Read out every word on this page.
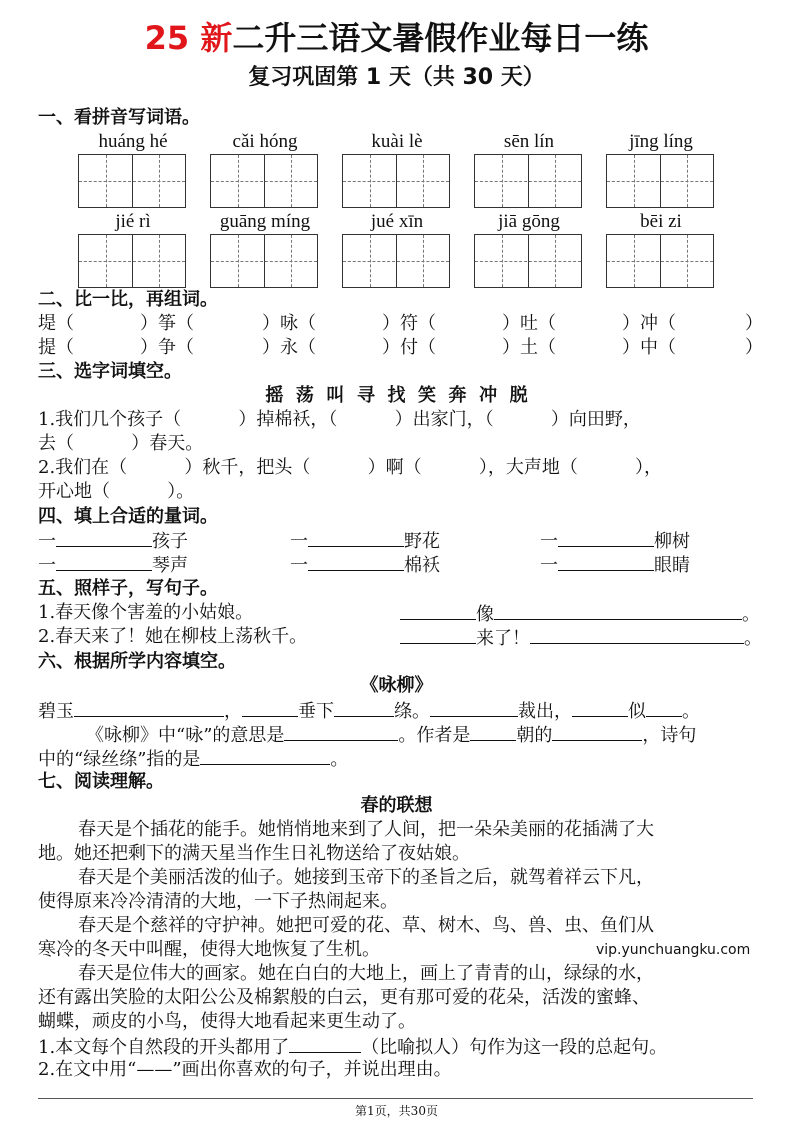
25 新二升三语文暑假作业每日一练
复习巩固第 1 天（共 30 天）
一、看拼音写词语。
huáng hé	cǎi hóng	kuài lè	sēn lín	jīng líng
jié rì	guāng míng	jué xīn	jiā gōng	bēi zi
二、比一比，再组词。
堤（	）筝（	）咏（	）符（	）吐（	）冲（	）
提（	）争（	）永（	）付（	）土（	）中（	）
三、选字词填空。
摇  荡  叫  寻  找  笑  奔  冲  脱
1.我们几个孩子（          ）掉棉袄，（          ）出家门，（          ）向田野，
去（          ）春天。
2.我们在（          ）秋千，把头（          ）啊（          ），大声地（          ），
开心地（          ）。
四、填上合适的量词。
一	孩子	一	野花	一	柳树
一	琴声	一	棉袄	一	眼睛
五、照样子，写句子。
1.春天像个害羞的小姑娘。	像	。
2.春天来了！她在柳枝上荡秋千。	来了！	。
六、根据所学内容填空。
《咏柳》
碧玉	，	垂下	绦。	裁出，	似 。
《咏柳》中“咏”的意思是	。作者是	朝的	，诗句
中的“绿丝绦”指的是	。
七、阅读理解。
春的联想
春天是个插花的能手。她悄悄地来到了人间，把一朵朵美丽的花插满了大
地。她还把剩下的满天星当作生日礼物送给了夜姑娘。
春天是个美丽活泼的仙子。她接到玉帝下的圣旨之后，就驾着祥云下凡，
使得原来冷冷清清的大地，一下子热闹起来。
春天是个慈祥的守护神。她把可爱的花、草、树木、鸟、兽、虫、鱼们从
寒冷的冬天中叫醒，使得大地恢复了生机。
春天是位伟大的画家。她在白白的大地上，画上了青青的山，绿绿的水，
还有露出笑脸的太阳公公及棉絮般的白云，更有那可爱的花朵，活泼的蜜蜂、
蝴蝶，顽皮的小鸟，使得大地看起来更生动了。
1.本文每个自然段的开头都用了	（比喻拟人）句作为这一段的总起句。
2.在文中用“——”画出你喜欢的句子，并说出理由。
vip.yunchuangku.com
第1页，共30页
